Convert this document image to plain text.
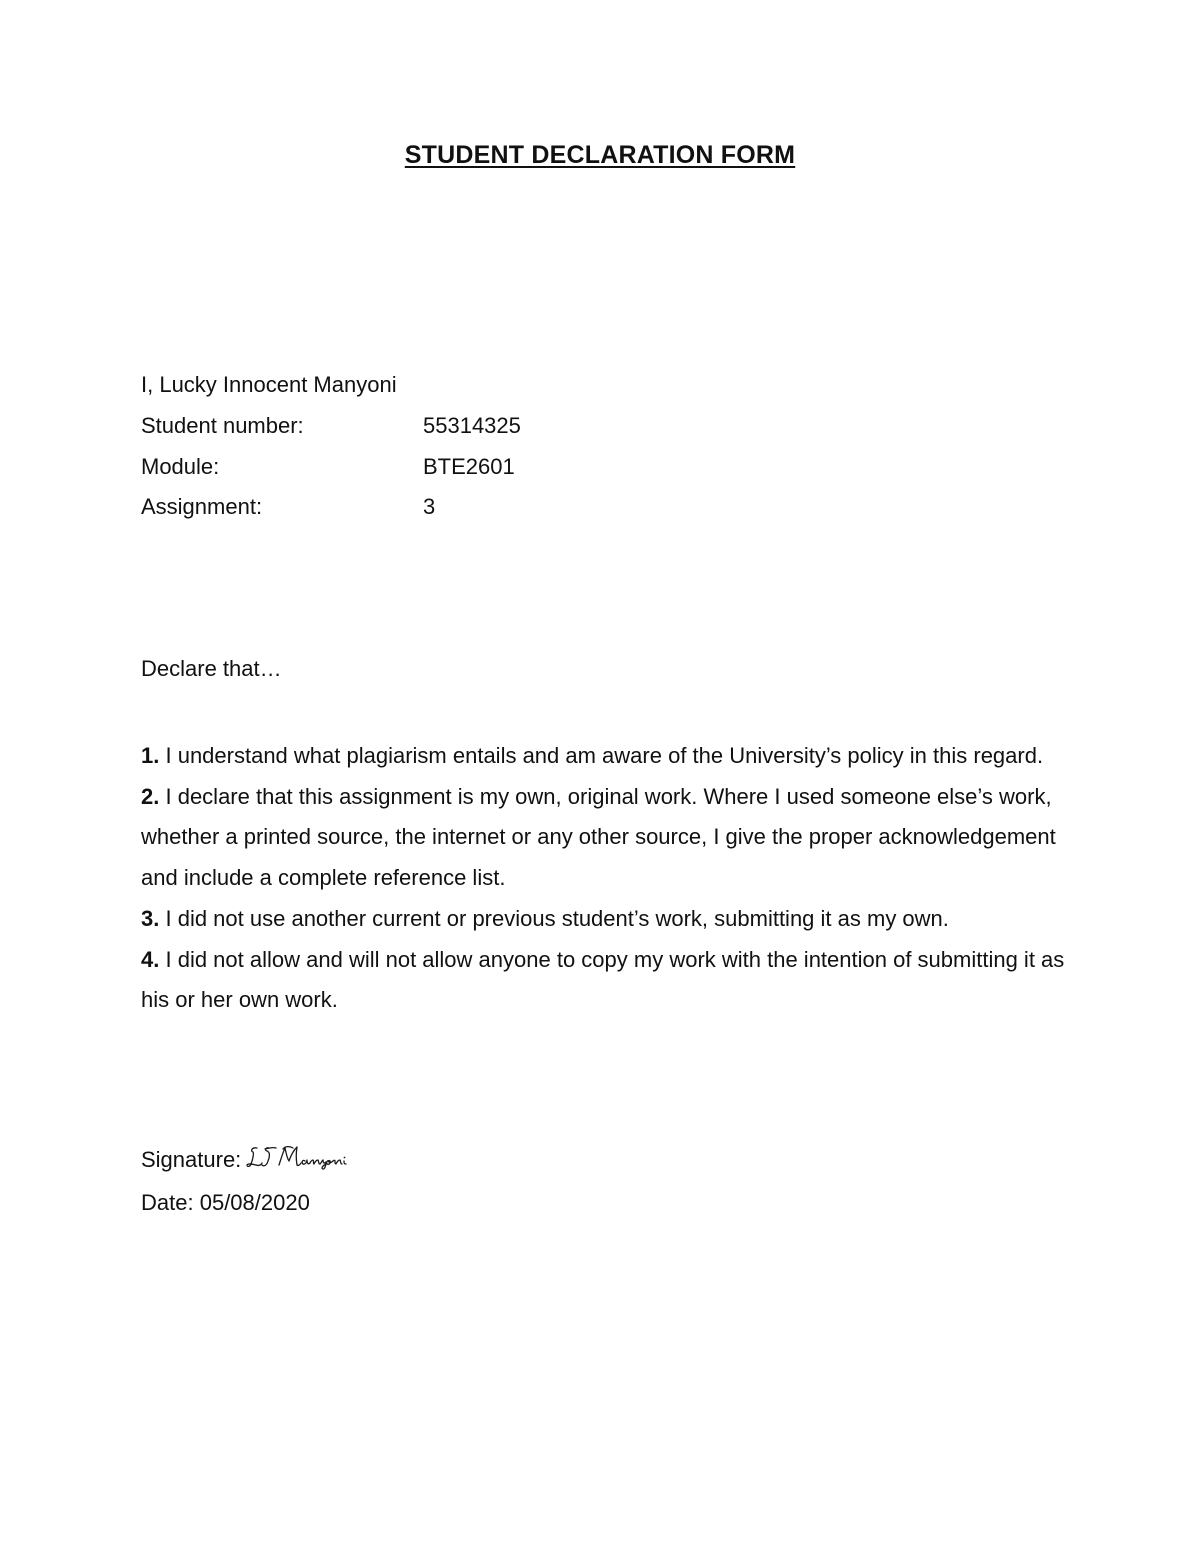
STUDENT DECLARATION FORM
I, Lucky Innocent Manyoni
Student number:	55314325
Module:	BTE2601
Assignment:	3
Declare that…

1. I understand what plagiarism entails and am aware of the University’s policy in this regard.

2. I declare that this assignment is my own, original work. Where I used someone else’s work, whether a printed source, the internet or any other source, I give the proper acknowledgement and include a complete reference list.

3. I did not use another current or previous student’s work, submitting it as my own.

4. I did not allow and will not allow anyone to copy my work with the intention of submitting it as his or her own work.

Signature:
Date: 05/08/2020
